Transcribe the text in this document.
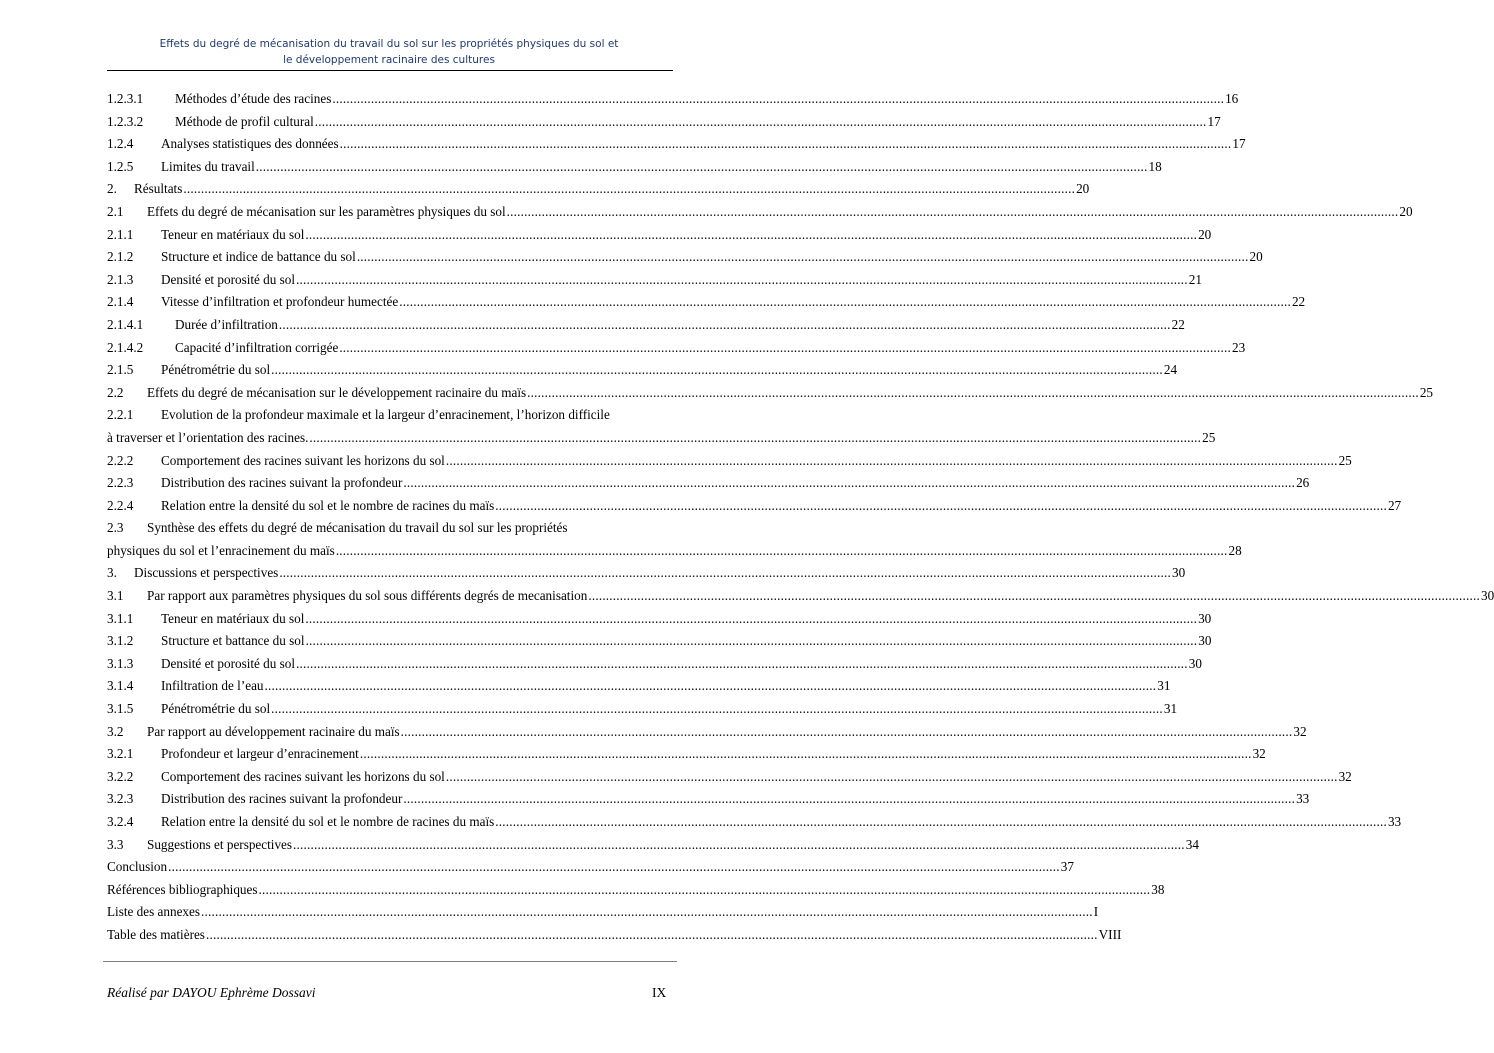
Effets du degré de mécanisation du travail du sol sur les propriétés physiques du sol et
le développement racinaire des cultures
1.2.3.1	Méthodes d’étude des racines .....	16
1.2.3.2	Méthode de profil cultural .....	17
1.2.4	Analyses statistiques des données .....	17
1.2.5	Limites du travail .....	18
2.	Résultats .....	20
2.1	Effets du degré de mécanisation sur les paramètres physiques du sol .....	20
2.1.1	Teneur en matériaux du sol .....	20
2.1.2	Structure et indice de battance du sol .....	20
2.1.3	Densité et porosité du sol .....	21
2.1.4	Vitesse d’infiltration et profondeur humectée .....	22
2.1.4.1	Durée d’infiltration .....	22
2.1.4.2	Capacité d’infiltration corrigée .....	23
2.1.5	Pénétrométrie du sol .....	24
2.2	Effets du degré de mécanisation sur le développement racinaire du maïs .....	25
2.2.1 Evolution de la profondeur maximale et la largeur d’enracinement, l’horizon difficile
à traverser et l’orientation des racines. .....	25
2.2.2	Comportement des racines suivant les horizons du sol .....	25
2.2.3	Distribution des racines suivant la profondeur .....	26
2.2.4	Relation entre la densité du sol et le nombre de racines du maïs .....	27
2.3 Synthèse des effets du degré de mécanisation du travail du sol sur les propriétés
physiques du sol et l’enracinement du maïs .....	28
3.	Discussions et perspectives .....	30
3.1	Par rapport aux paramètres physiques du sol sous différents degrés de mecanisation .....	30
3.1.1	Teneur en matériaux du sol .....	30
3.1.2	Structure et battance du sol .....	30
3.1.3	Densité et porosité du sol .....	30
3.1.4	Infiltration de l’eau .....	31
3.1.5	Pénétrométrie du sol .....	31
3.2	Par rapport au développement racinaire du maïs .....	32
3.2.1	Profondeur et largeur d’enracinement .....	32
3.2.2	Comportement des racines suivant les horizons du sol .....	32
3.2.3	Distribution des racines suivant la profondeur .....	33
3.2.4	Relation entre la densité du sol et le nombre de racines du maïs .....	33
3.3	Suggestions et perspectives .....	34
Conclusion .....	37
Références bibliographiques .....	38
Liste des annexes .....	I
Table des matières .....	VIII
Réalisé par DAYOU Ephrème Dossavi	IX
